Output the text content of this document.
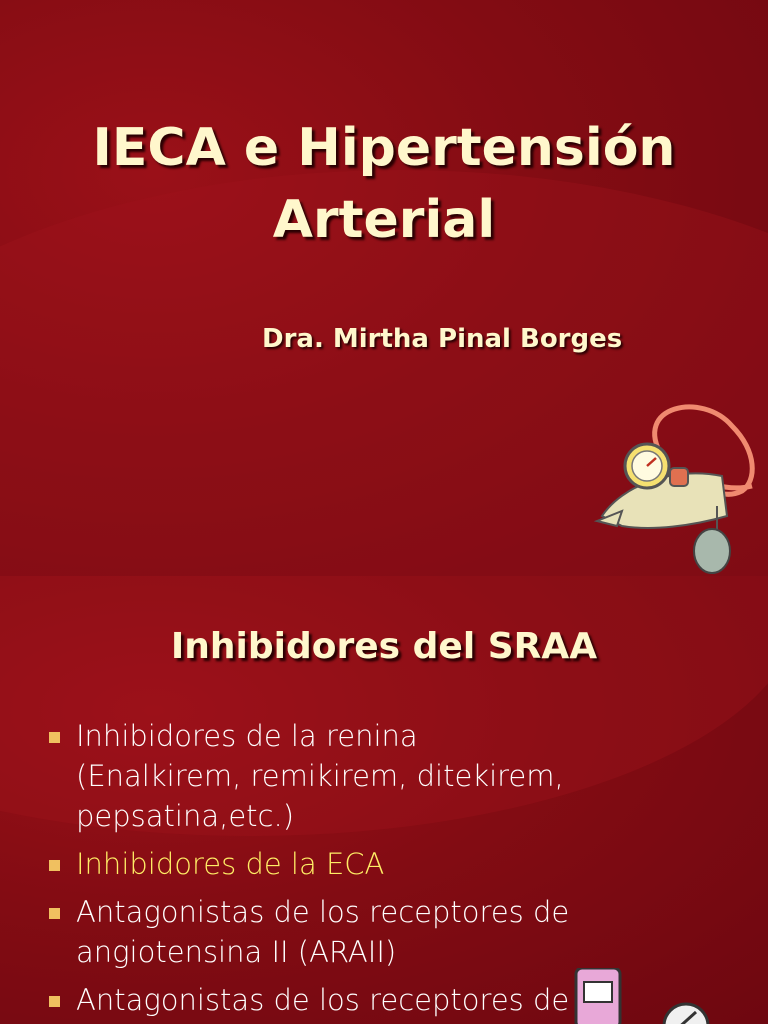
IECA e Hipertensión
Arterial
Dra. Mirtha Pinal Borges
Inhibidores del SRAA
Inhibidores de la renina
(Enalkirem, remikirem, ditekirem,
pepsatina,etc.)
Inhibidores de la ECA
Antagonistas de los receptores de
angiotensina II (ARAII)
Antagonistas de los receptores de
